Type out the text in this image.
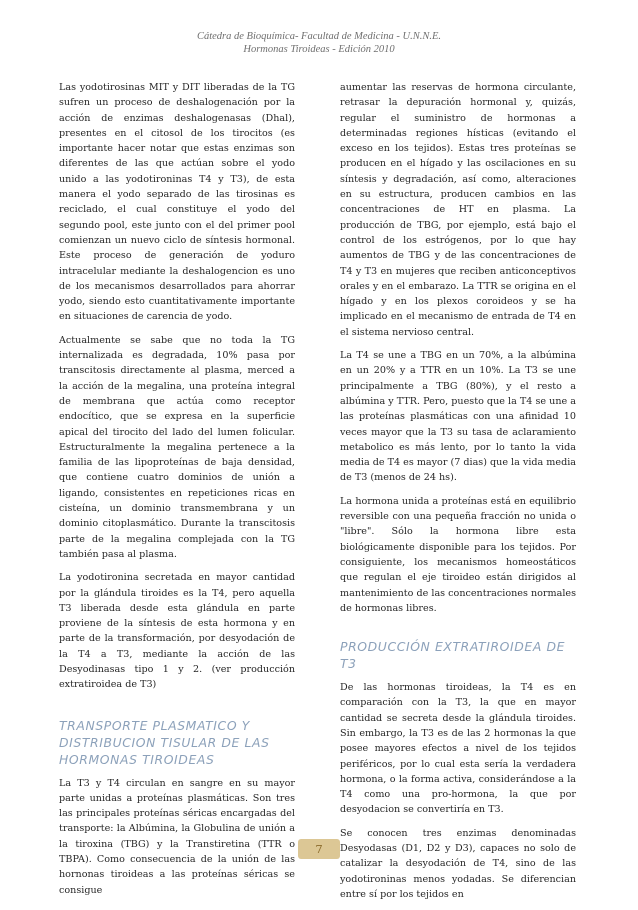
Cátedra de Bioquímica- Facultad de Medicina - U.N.N.E.
Hormonas Tiroideas - Edición 2010

Las yodotirosinas MIT y DIT liberadas de la TG sufren un proceso de deshalogenación por la acción de enzimas deshalogenasas (Dhal), presentes en el citosol de los tirocitos (es importante hacer notar que estas enzimas son diferentes de las que actúan sobre el yodo unido a las yodotironinas T4 y T3), de esta manera el yodo separado de las tirosinas es reciclado, el cual constituye el yodo del segundo pool, este junto con el del primer pool comienzan un nuevo ciclo de síntesis hormonal. Este proceso de generación de yoduro intracelular mediante la deshalogencion es uno de los mecanismos desarrollados para ahorrar yodo, siendo esto cuantitativamente importante en situaciones de carencia de yodo.

Actualmente se sabe que no toda la TG internalizada es degradada, 10% pasa por transcitosis directamente al plasma, merced a la acción de la megalina, una proteína integral de membrana que actúa como receptor endocítico, que se expresa en la superficie apical del tirocito del lado del lumen folicular. Estructuralmente la megalina pertenece a la familia de las lipoproteínas de baja densidad, que contiene cuatro dominios de unión a ligando, consistentes en repeticiones ricas en cisteína, un dominio transmembrana y un dominio citoplasmático. Durante la transcitosis parte de la megalina complejada con la TG también pasa al plasma.

La yodotironina secretada en mayor cantidad por la glándula tiroides es la T4, pero aquella T3 liberada desde esta glándula en parte proviene de la síntesis de esta hormona y en parte de la transformación, por desyodación de la T4 a T3, mediante la acción de las Desyodinasas tipo 1 y 2. (ver producción extratiroidea de T3)

TRANSPORTE PLASMATICO Y DISTRIBUCION TISULAR DE LAS HORMONAS TIROIDEAS

La T3 y T4 circulan en sangre en su mayor parte unidas a proteínas plasmáticas. Son tres las principales proteínas séricas encargadas del transporte: la Albúmina, la Globulina de unión a la tiroxina (TBG) y la Transtiretina (TTR o TBPA). Como consecuencia de la unión de las hornonas tiroideas a las proteínas séricas se consigue

aumentar las reservas de hormona circulante, retrasar la depuración hormonal y, quizás, regular el suministro de hormonas a determinadas regiones hísticas (evitando el exceso en los tejidos). Estas tres proteínas se producen en el hígado y las oscilaciones en su síntesis y degradación, así como, alteraciones en su estructura, producen cambios en las concentraciones de HT en plasma. La producción de TBG, por ejemplo, está bajo el control de los estrógenos, por lo que hay aumentos de TBG y de las concentraciones de T4 y T3 en mujeres que reciben anticonceptivos orales y en el embarazo. La TTR se origina en el hígado y en los plexos coroideos y se ha implicado en el mecanismo de entrada de T4 en el sistema nervioso central.

La T4 se une a TBG en un 70%, a la albúmina en un 20% y a TTR en un 10%. La T3 se une principalmente a TBG (80%), y el resto a albúmina y TTR. Pero, puesto que la T4 se une a las proteínas plasmáticas con una afinidad 10 veces mayor que la T3 su tasa de aclaramiento metabolico es más lento, por lo tanto la vida media de T4 es mayor (7 dias) que la vida media de T3 (menos de 24 hs).

La hormona unida a proteínas está en equilibrio reversible con una pequeña fracción no unida o "libre". Sólo la hormona libre esta biológicamente disponible para los tejidos. Por consiguiente, los mecanismos homeostáticos que regulan el eje tiroideo están dirigidos al mantenimiento de las concentraciones normales de hormonas libres.

PRODUCCIÓN EXTRATIROIDEA DE T3

De las hormonas tiroideas, la T4 es en comparación con la T3, la que en mayor cantidad se secreta desde la glándula tiroides. Sin embargo, la T3 es de las 2 hormonas la que posee mayores efectos a nivel de los tejidos periféricos, por lo cual esta sería la verdadera hormona, o la forma activa, considerándose a la T4 como una pro-hormona, la que por desyodacion se convertiría en T3.

Se conocen tres enzimas denominadas Desyodasas (D1, D2 y D3), capaces no solo de catalizar la desyodación de T4, sino de las yodotironinas menos yodadas. Se diferencian entre sí por los tejidos en

7
